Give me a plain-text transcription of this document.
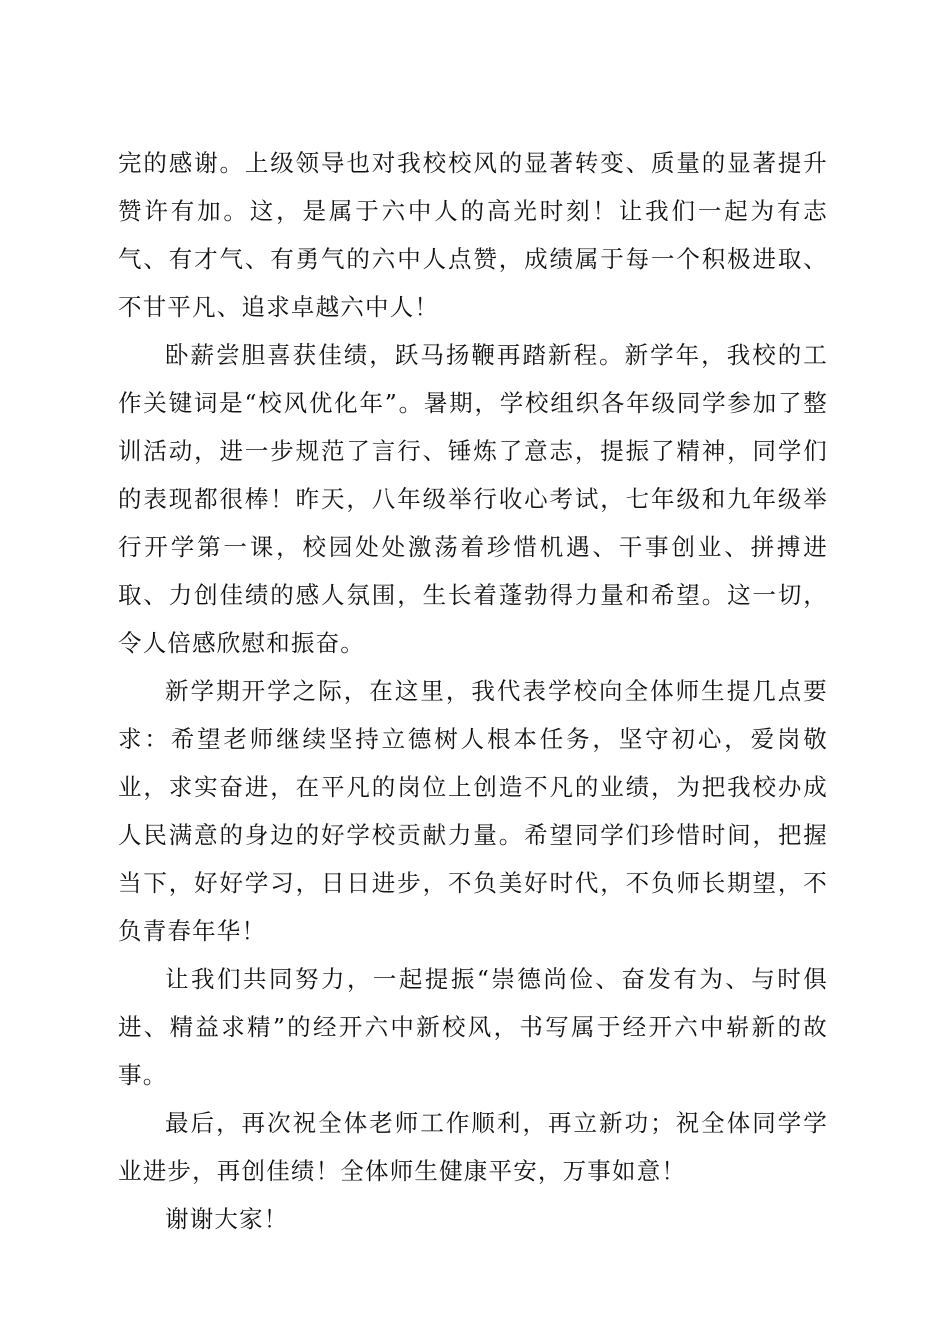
完的感谢。上级领导也对我校校风的显著转变、质量的显著提升赞许有加。这，是属于六中人的高光时刻！让我们一起为有志气、有才气、有勇气的六中人点赞，成绩属于每一个积极进取、不甘平凡、追求卓越六中人！

卧薪尝胆喜获佳绩，跃马扬鞭再踏新程。新学年，我校的工作关键词是“校风优化年”。暑期，学校组织各年级同学参加了整训活动，进一步规范了言行、锤炼了意志，提振了精神，同学们的表现都很棒！昨天，八年级举行收心考试，七年级和九年级举行开学第一课，校园处处激荡着珍惜机遇、干事创业、拼搏进取、力创佳绩的感人氛围，生长着蓬勃得力量和希望。这一切，令人倍感欣慰和振奋。

新学期开学之际，在这里，我代表学校向全体师生提几点要求：希望老师继续坚持立德树人根本任务，坚守初心，爱岗敬业，求实奋进，在平凡的岗位上创造不凡的业绩，为把我校办成人民满意的身边的好学校贡献力量。希望同学们珍惜时间，把握当下，好好学习，日日进步，不负美好时代，不负师长期望，不负青春年华！

让我们共同努力，一起提振“崇德尚俭、奋发有为、与时俱进、精益求精”的经开六中新校风，书写属于经开六中崭新的故事。

最后，再次祝全体老师工作顺利，再立新功；祝全体同学学业进步，再创佳绩！全体师生健康平安，万事如意！

谢谢大家！
